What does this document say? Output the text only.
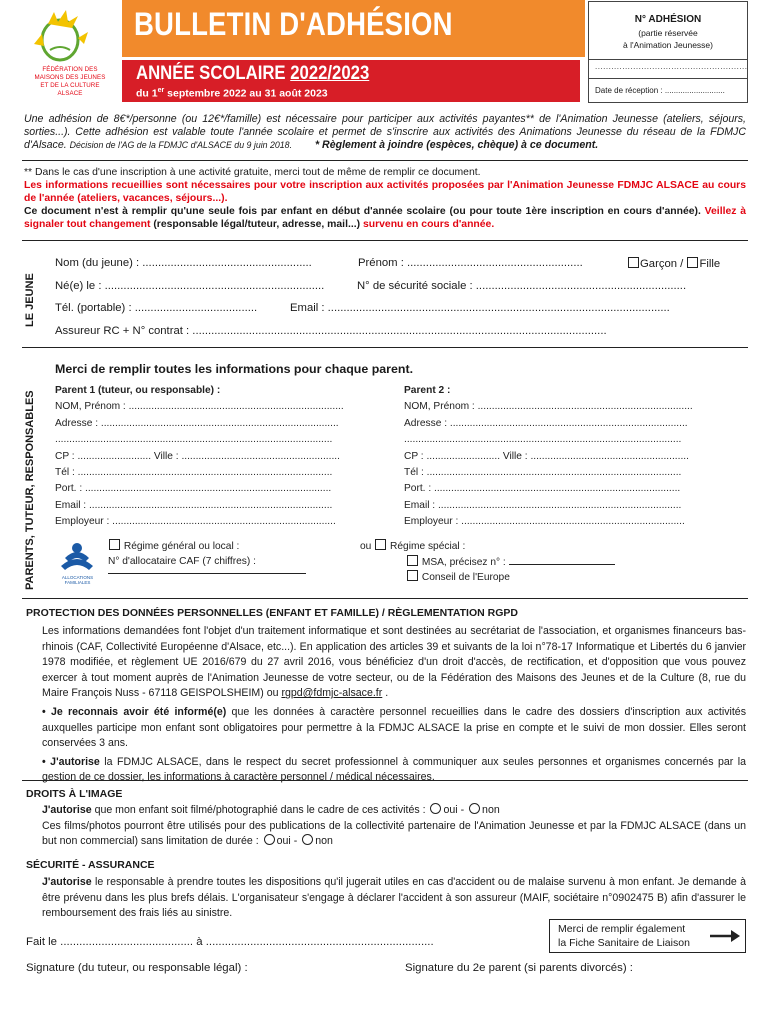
FÉDÉRATION DES
MAISONS DES JEUNES
ET DE LA CULTURE
ALSACE
BULLETIN D'ADHÉSION
ANNÉE SCOLAIRE 2022/2023
du 1er septembre 2022 au 31 août 2023
N° ADHÉSION
(partie réservée
à l'Animation Jeunesse)
........................................................
Date de réception : ...........................
Une adhésion de 8€*/personne (ou 12€*/famille) est nécessaire pour participer aux activités payantes** de l'Animation Jeunesse (ateliers, séjours, sorties...). Cette adhésion est valable toute l'année scolaire et permet de s'inscrire aux activités des Animations Jeunesse du réseau de la FDMJC d'Alsace. Décision de l'AG de la FDMJC d'ALSACE du 9 juin 2018. * Règlement à joindre (espèces, chèque) à ce document.
** Dans le cas d'une inscription à une activité gratuite, merci tout de même de remplir ce document.
Les informations recueillies sont nécessaires pour votre inscription aux activités proposées par l'Animation Jeunesse FDMJC ALSACE au cours de l'année (ateliers, vacances, séjours...).
Ce document n'est à remplir qu'une seule fois par enfant en début d'année scolaire (ou pour toute 1ère inscription en cours d'année). Veillez à signaler tout changement (responsable légal/tuteur, adresse, mail...) survenu en cours d'année.
LE JEUNE
Nom (du jeune) : ......................................................	Prénom : ........................................................	Garçon / Fille
Né(e) le : ......................................................................	N° de sécurité sociale : ...................................................................
Tél. (portable) : .......................................	Email : .............................................................................................................
Assureur RC + N° contrat : ....................................................................................................................................
PARENTS, TUTEUR, RESPONSABLES
Merci de remplir toutes les informations pour chaque parent.
Parent 1 (tuteur, ou responsable) :
NOM, Prénom : ............................................................................
Adresse : ....................................................................................
..................................................................................................
CP : .......................... Ville : ........................................................
Tél : ..........................................................................................
Port. : .......................................................................................
Email : ......................................................................................
Employeur : ...............................................................................
Parent 2 :
NOM, Prénom : ............................................................................
Adresse : ....................................................................................
..................................................................................................
CP : .......................... Ville : ........................................................
Tél : ..........................................................................................
Port. : .......................................................................................
Email : ......................................................................................
Employeur : ...............................................................................
ALLOCATIONS FAMILIALES
Régime général ou local :
N° d'allocataire CAF (7 chiffres) :
ou Régime spécial :
MSA, précisez n° :
Conseil de l'Europe
PROTECTION DES DONNÉES PERSONNELLES (ENFANT ET FAMILLE) / RÈGLEMENTATION RGPD
Les informations demandées font l'objet d'un traitement informatique et sont destinées au secrétariat de l'association, et organismes financeurs bas-rhinois (CAF, Collectivité Européenne d'Alsace, etc...). En application des articles 39 et suivants de la loi n°78-17 Informatique et Libertés du 6 janvier 1978 modifiée, et règlement UE 2016/679 du 27 avril 2016, vous bénéficiez d'un droit d'accès, de rectification, et d'opposition que vous pouvez exercer à tout moment auprès de l'Animation Jeunesse de votre secteur, ou de la Fédération des Maisons des Jeunes et de la Culture (8, rue du Maire François Nuss - 67118 GEISPOLSHEIM) ou rgpd@fdmjc-alsace.fr .
• Je reconnais avoir été informé(e) que les données à caractère personnel recueillies dans le cadre des dossiers d'inscription aux activités auxquelles participe mon enfant sont obligatoires pour permettre à la FDMJC ALSACE la prise en compte et le suivi de mon dossier. Elles seront conservées 3 ans.
• J'autorise la FDMJC ALSACE, dans le respect du secret professionnel à communiquer aux seules personnes et organismes concernés par la gestion de ce dossier, les informations à caractère personnel / médical nécessaires.
DROITS À L'IMAGE
J'autorise que mon enfant soit filmé/photographié dans le cadre de ces activités : oui - non
Ces films/photos pourront être utilisés pour des publications de la collectivité partenaire de l'Animation Jeunesse et par la FDMJC ALSACE (dans un but non commercial) sans limitation de durée : oui - non
SÉCURITÉ - ASSURANCE
J'autorise le responsable à prendre toutes les dispositions qu'il jugerait utiles en cas d'accident ou de malaise survenu à mon enfant. Je demande à être prévenu dans les plus brefs délais. L'organisateur s'engage à déclarer l'accident à son assureur (MAIF, sociétaire n°0902475 B) afin d'assurer le remboursement des frais liés au sinistre.
Fait le .......................................... à ........................................................................
Merci de remplir également
la Fiche Sanitaire de Liaison
Signature (du tuteur, ou responsable légal) :	Signature du 2e parent (si parents divorcés) :
